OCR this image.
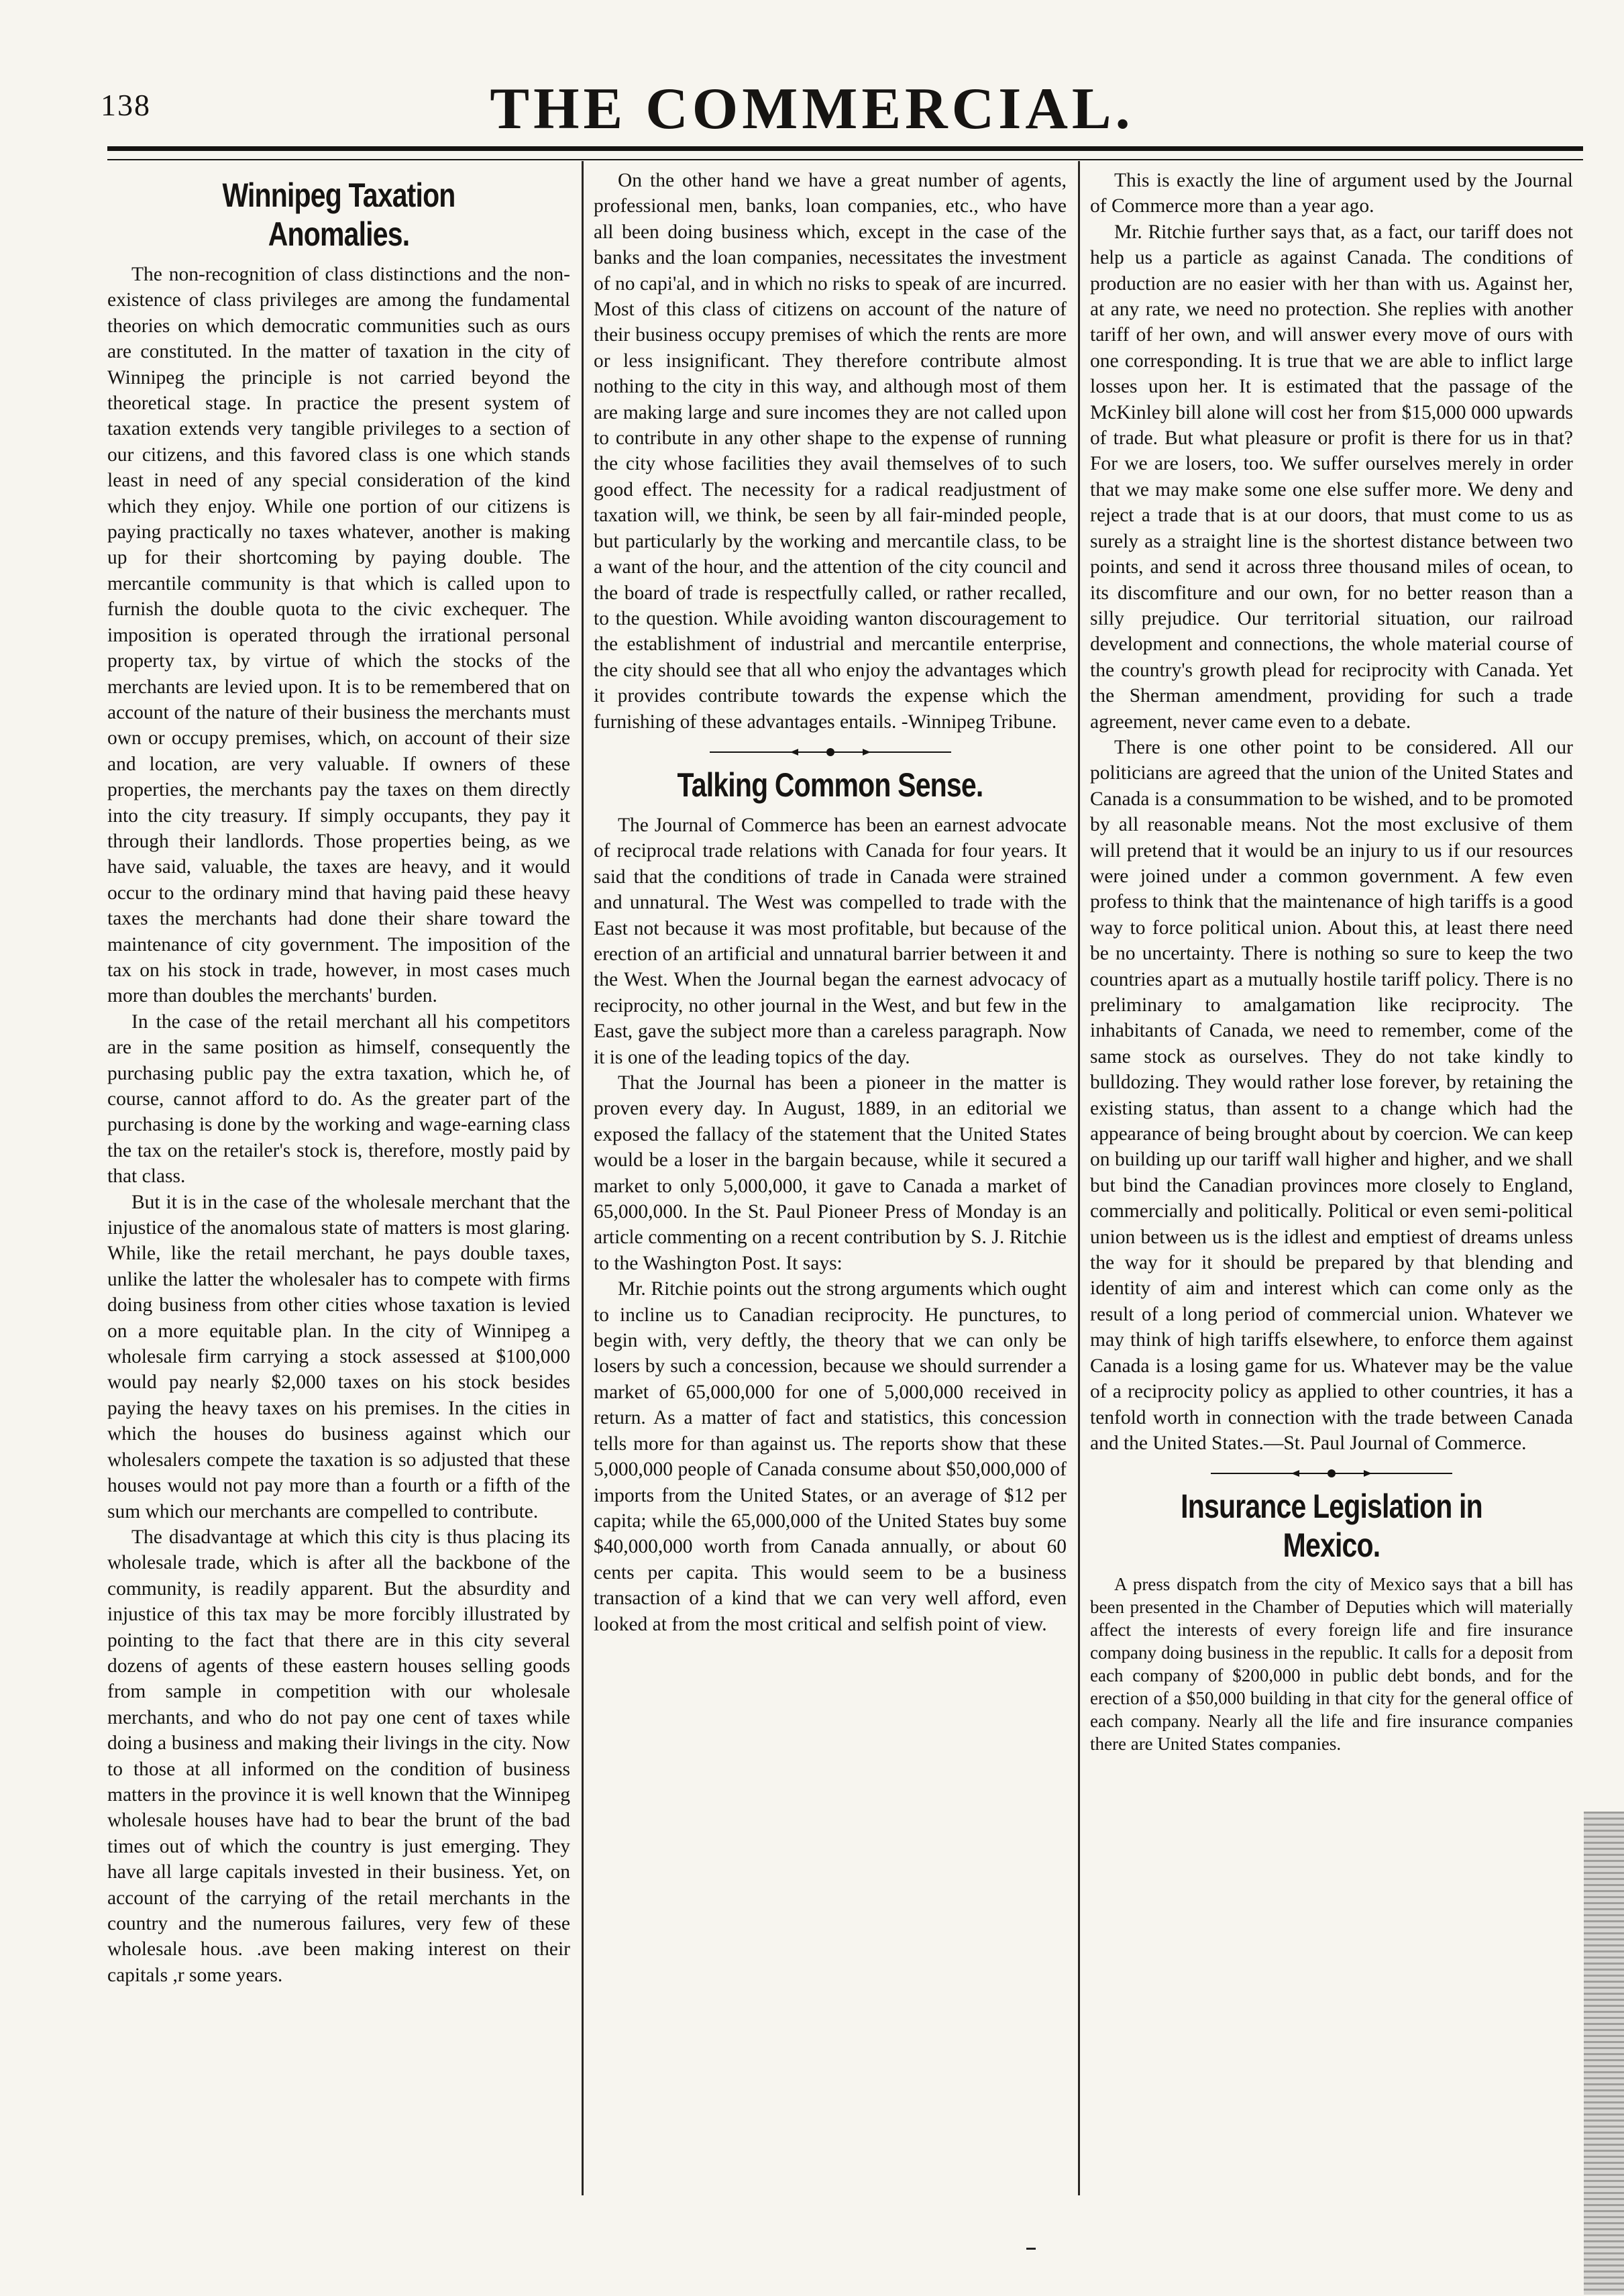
138	THE COMMERCIAL.
Winnipeg Taxation Anomalies.

The non-recognition of class distinctions and the non-existence of class privileges are among the fundamental theories on which democratic communities such as ours are constituted. In the matter of taxation in the city of Winnipeg the principle is not carried beyond the theoretical stage. In practice the present system of taxation extends very tangible privileges to a section of our citizens, and this favored class is one which stands least in need of any special consideration of the kind which they enjoy. While one portion of our citizens is paying practically no taxes whatever, another is making up for their shortcoming by paying double. The mercantile community is that which is called upon to furnish the double quota to the civic exchequer. The imposition is operated through the irrational personal property tax, by virtue of which the stocks of the merchants are levied upon. It is to be remembered that on account of the nature of their business the merchants must own or occupy premises, which, on account of their size and location, are very valuable. If owners of these properties, the merchants pay the taxes on them directly into the city treasury. If simply occupants, they pay it through their landlords. Those properties being, as we have said, valuable, the taxes are heavy, and it would occur to the ordinary mind that having paid these heavy taxes the merchants had done their share toward the maintenance of city government. The imposition of the tax on his stock in trade, however, in most cases much more than doubles the merchants' burden.

In the case of the retail merchant all his competitors are in the same position as himself, consequently the purchasing public pay the extra taxation, which he, of course, cannot afford to do. As the greater part of the purchasing is done by the working and wage-earning class the tax on the retailer's stock is, therefore, mostly paid by that class.

But it is in the case of the wholesale merchant that the injustice of the anomalous state of matters is most glaring. While, like the retail merchant, he pays double taxes, unlike the latter the wholesaler has to compete with firms doing business from other cities whose taxation is levied on a more equitable plan. In the city of Winnipeg a wholesale firm carrying a stock assessed at $100,000 would pay nearly $2,000 taxes on his stock besides paying the heavy taxes on his premises. In the cities in which the houses do business against which our wholesalers compete the taxation is so adjusted that these houses would not pay more than a fourth or a fifth of the sum which our merchants are compelled to contribute.

The disadvantage at which this city is thus placing its wholesale trade, which is after all the backbone of the community, is readily apparent. But the absurdity and injustice of this tax may be more forcibly illustrated by pointing to the fact that there are in this city several dozens of agents of these eastern houses selling goods from sample in competition with our wholesale merchants, and who do not pay one cent of taxes while doing a business and making their livings in the city. Now to those at all informed on the condition of business matters in the province it is well known that the Winnipeg wholesale houses have had to bear the brunt of the bad times out of which the country is just emerging. They have all large capitals invested in their business. Yet, on account of the carrying of the retail merchants in the country and the numerous failures, very few of these wholesale hous. .ave been making interest on their capitals ,r some years.

On the other hand we have a great number of agents, professional men, banks, loan companies, etc., who have all been doing business which, except in the case of the banks and the loan companies, necessitates the investment of no capi'al, and in which no risks to speak of are incurred. Most of this class of citizens on account of the nature of their business occupy premises of which the rents are more or less insignificant. They therefore contribute almost nothing to the city in this way, and although most of them are making large and sure incomes they are not called upon to contribute in any other shape to the expense of running the city whose facilities they avail themselves of to such good effect. The necessity for a radical readjustment of taxation will, we think, be seen by all fair-minded people, but particularly by the working and mercantile class, to be a want of the hour, and the attention of the city council and the board of trade is respectfully called, or rather recalled, to the question. While avoiding wanton discouragement to the establishment of industrial and mercantile enterprise, the city should see that all who enjoy the advantages which it provides contribute towards the expense which the furnishing of these advantages entails. -Winnipeg Tribune.

Talking Common Sense.

The Journal of Commerce has been an earnest advocate of reciprocal trade relations with Canada for four years. It said that the conditions of trade in Canada were strained and unnatural. The West was compelled to trade with the East not because it was most profitable, but because of the erection of an artificial and unnatural barrier between it and the West. When the Journal began the earnest advocacy of reciprocity, no other journal in the West, and but few in the East, gave the subject more than a careless paragraph. Now it is one of the leading topics of the day.

That the Journal has been a pioneer in the matter is proven every day. In August, 1889, in an editorial we exposed the fallacy of the statement that the United States would be a loser in the bargain because, while it secured a market to only 5,000,000, it gave to Canada a market of 65,000,000. In the St. Paul Pioneer Press of Monday is an article commenting on a recent contribution by S. J. Ritchie to the Washington Post. It says:

Mr. Ritchie points out the strong arguments which ought to incline us to Canadian reciprocity. He punctures, to begin with, very deftly, the theory that we can only be losers by such a concession, because we should surrender a market of 65,000,000 for one of 5,000,000 received in return. As a matter of fact and statistics, this concession tells more for than against us. The reports show that these 5,000,000 people of Canada consume about $50,000,000 of imports from the United States, or an average of $12 per capita; while the 65,000,000 of the United States buy some $40,000,000 worth from Canada annually, or about 60 cents per capita. This would seem to be a business transaction of a kind that we can very well afford, even looked at from the most critical and selfish point of view.

This is exactly the line of argument used by the Journal of Commerce more than a year ago.

Mr. Ritchie further says that, as a fact, our tariff does not help us a particle as against Canada. The conditions of production are no easier with her than with us. Against her, at any rate, we need no protection. She replies with another tariff of her own, and will answer every move of ours with one corresponding. It is true that we are able to inflict large losses upon her. It is estimated that the passage of the McKinley bill alone will cost her from $15,000 000 upwards of trade. But what pleasure or profit is there for us in that? For we are losers, too. We suffer ourselves merely in order that we may make some one else suffer more. We deny and reject a trade that is at our doors, that must come to us as surely as a straight line is the shortest distance between two points, and send it across three thousand miles of ocean, to its discomfiture and our own, for no better reason than a silly prejudice. Our territorial situation, our railroad development and connections, the whole material course of the country's growth plead for reciprocity with Canada. Yet the Sherman amendment, providing for such a trade agreement, never came even to a debate.

There is one other point to be considered. All our politicians are agreed that the union of the United States and Canada is a consummation to be wished, and to be promoted by all reasonable means. Not the most exclusive of them will pretend that it would be an injury to us if our resources were joined under a common government. A few even profess to think that the maintenance of high tariffs is a good way to force political union. About this, at least there need be no uncertainty. There is nothing so sure to keep the two countries apart as a mutually hostile tariff policy. There is no preliminary to amalgamation like reciprocity. The inhabitants of Canada, we need to remember, come of the same stock as ourselves. They do not take kindly to bulldozing. They would rather lose forever, by retaining the existing status, than assent to a change which had the appearance of being brought about by coercion. We can keep on building up our tariff wall higher and higher, and we shall but bind the Canadian provinces more closely to England, commercially and politically. Political or even semi-political union between us is the idlest and emptiest of dreams unless the way for it should be prepared by that blending and identity of aim and interest which can come only as the result of a long period of commercial union. Whatever we may think of high tariffs elsewhere, to enforce them against Canada is a losing game for us. Whatever may be the value of a reciprocity policy as applied to other countries, it has a tenfold worth in connection with the trade between Canada and the United States.—St. Paul Journal of Commerce.

Insurance Legislation in Mexico.

A press dispatch from the city of Mexico says that a bill has been presented in the Chamber of Deputies which will materially affect the interests of every foreign life and fire insurance company doing business in the republic. It calls for a deposit from each company of $200,000 in public debt bonds, and for the erection of a $50,000 building in that city for the general office of each company. Nearly all the life and fire insurance companies there are United States companies.
